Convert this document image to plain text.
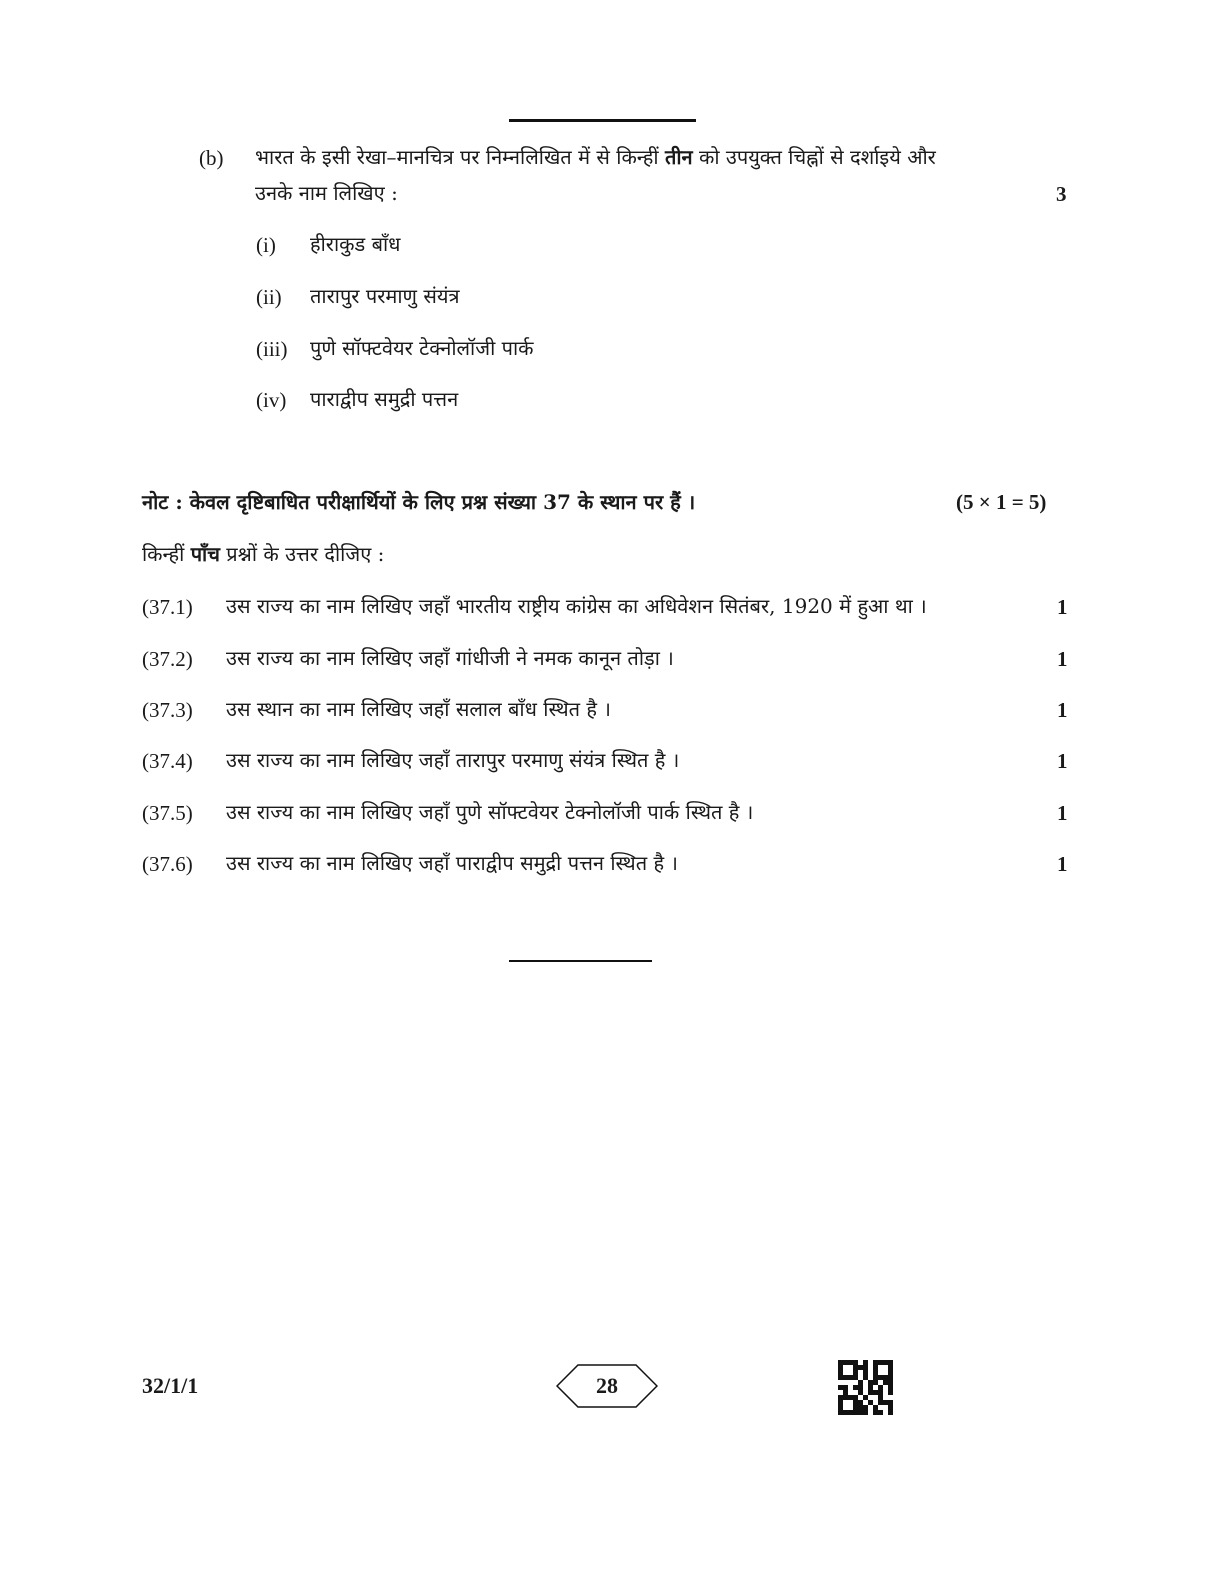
(b) भारत के इसी रेखा–मानचित्र पर निम्नलिखित में से किन्हीं तीन को उपयुक्त चिह्नों से दर्शाइये और
उनके नाम लिखिए :	3
(i) हीराकुड बाँध
(ii) तारापुर परमाणु संयंत्र
(iii) पुणे सॉफ्टवेयर टेक्नोलॉजी पार्क
(iv) पाराद्वीप समुद्री पत्तन
नोट : केवल दृष्टिबाधित परीक्षार्थियों के लिए प्रश्न संख्या 37 के स्थान पर हैं ।	(5 × 1 = 5)
किन्हीं पाँच प्रश्नों के उत्तर दीजिए :
(37.1) उस राज्य का नाम लिखिए जहाँ भारतीय राष्ट्रीय कांग्रेस का अधिवेशन सितंबर, 1920 में हुआ था ।	1
(37.2) उस राज्य का नाम लिखिए जहाँ गांधीजी ने नमक कानून तोड़ा ।	1
(37.3) उस स्थान का नाम लिखिए जहाँ सलाल बाँध स्थित है ।	1
(37.4) उस राज्य का नाम लिखिए जहाँ तारापुर परमाणु संयंत्र स्थित है ।	1
(37.5) उस राज्य का नाम लिखिए जहाँ पुणे सॉफ्टवेयर टेक्नोलॉजी पार्क स्थित है ।	1
(37.6) उस राज्य का नाम लिखिए जहाँ पाराद्वीप समुद्री पत्तन स्थित है ।	1
32/1/1	28
